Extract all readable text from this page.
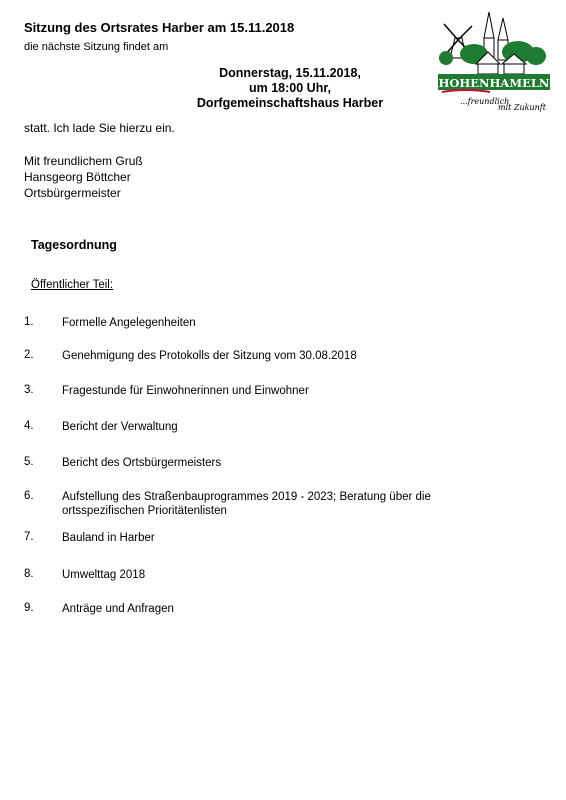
Sitzung des Ortsrates Harber am 15.11.2018
die nächste Sitzung findet am
Donnerstag, 15.11.2018,
um 18:00 Uhr,
Dorfgemeinschaftshaus Harber
statt. Ich lade Sie hierzu ein.
Mit freundlichem Gruß
Hansgeorg Böttcher
Ortsbürgermeister
Tagesordnung
Öffentlicher Teil:
1.	Formelle Angelegenheiten
2.	Genehmigung des Protokolls der Sitzung vom 30.08.2018
3.	Fragestunde für Einwohnerinnen und Einwohner
4.	Bericht der Verwaltung
5.	Bericht des Ortsbürgermeisters
6.	Aufstellung des Straßenbauprogrammes 2019 - 2023; Beratung über die ortsspezifischen Prioritätenlisten
7.	Bauland in Harber
8.	Umwelttag 2018
9.	Anträge und Anfragen
HOHENHAMELN
...freundlich
mit Zukunft
